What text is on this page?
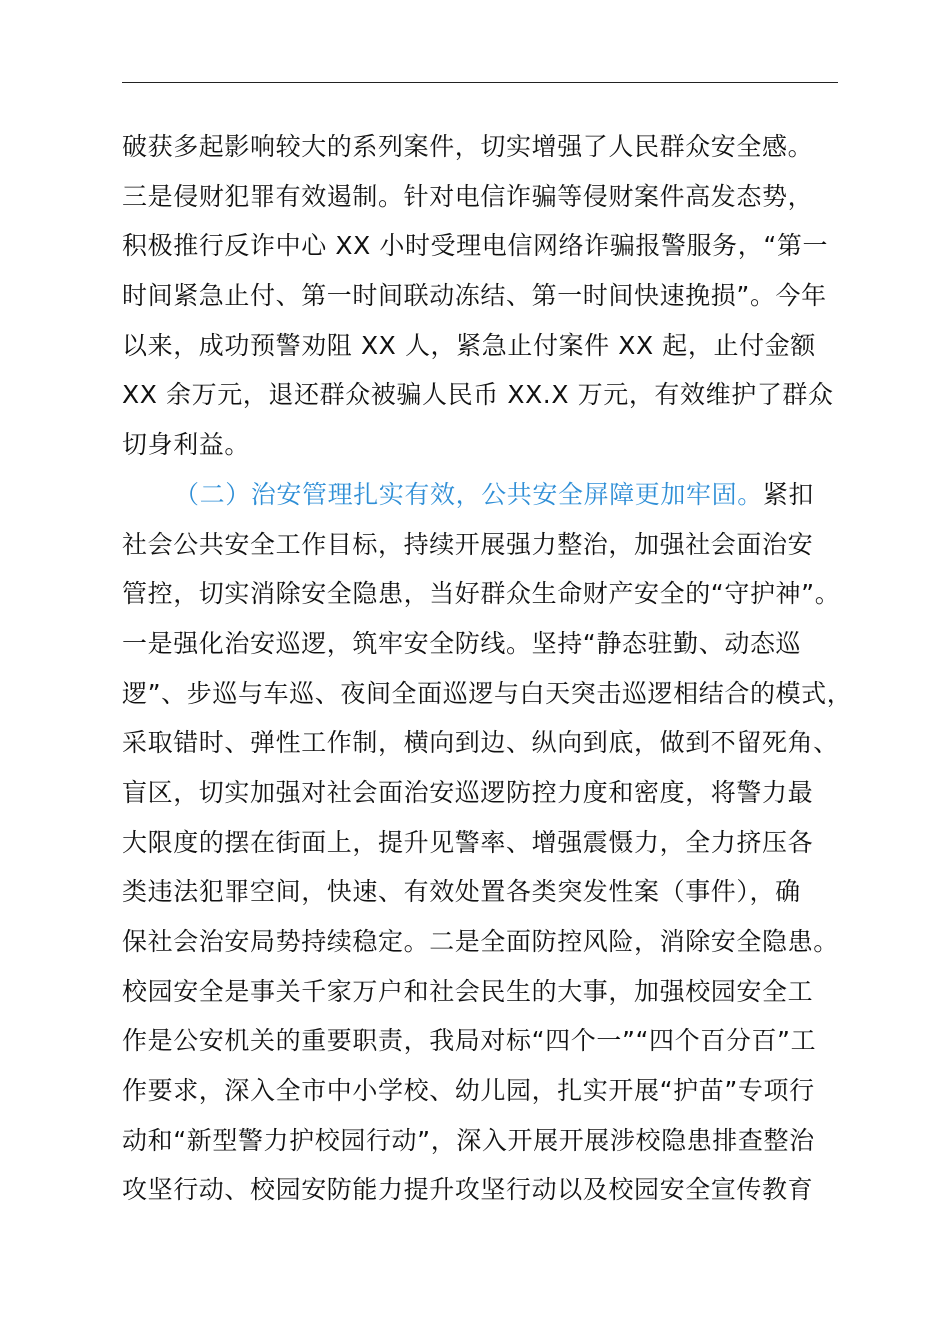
破获多起影响较大的系列案件，切实增强了人民群众安全感。
三是侵财犯罪有效遏制。针对电信诈骗等侵财案件高发态势，
积极推行反诈中心 XX 小时受理电信网络诈骗报警服务，“第一
时间紧急止付、第一时间联动冻结、第一时间快速挽损”。今年
以来，成功预警劝阻 XX 人，紧急止付案件 XX 起，止付金额
XX 余万元，退还群众被骗人民币 XX.X 万元，有效维护了群众
切身利益。
（二）治安管理扎实有效，公共安全屏障更加牢固。紧扣
社会公共安全工作目标，持续开展强力整治，加强社会面治安
管控，切实消除安全隐患，当好群众生命财产安全的“守护神”。
一是强化治安巡逻，筑牢安全防线。坚持“静态驻勤、动态巡
逻”、步巡与车巡、夜间全面巡逻与白天突击巡逻相结合的模式，
采取错时、弹性工作制，横向到边、纵向到底，做到不留死角、
盲区，切实加强对社会面治安巡逻防控力度和密度，将警力最
大限度的摆在街面上，提升见警率、增强震慑力，全力挤压各
类违法犯罪空间，快速、有效处置各类突发性案（事件），确
保社会治安局势持续稳定。二是全面防控风险，消除安全隐患。
校园安全是事关千家万户和社会民生的大事，加强校园安全工
作是公安机关的重要职责，我局对标“四个一”“四个百分百”工
作要求，深入全市中小学校、幼儿园，扎实开展“护苗”专项行
动和“新型警力护校园行动”，深入开展开展涉校隐患排查整治
攻坚行动、校园安防能力提升攻坚行动以及校园安全宣传教育
